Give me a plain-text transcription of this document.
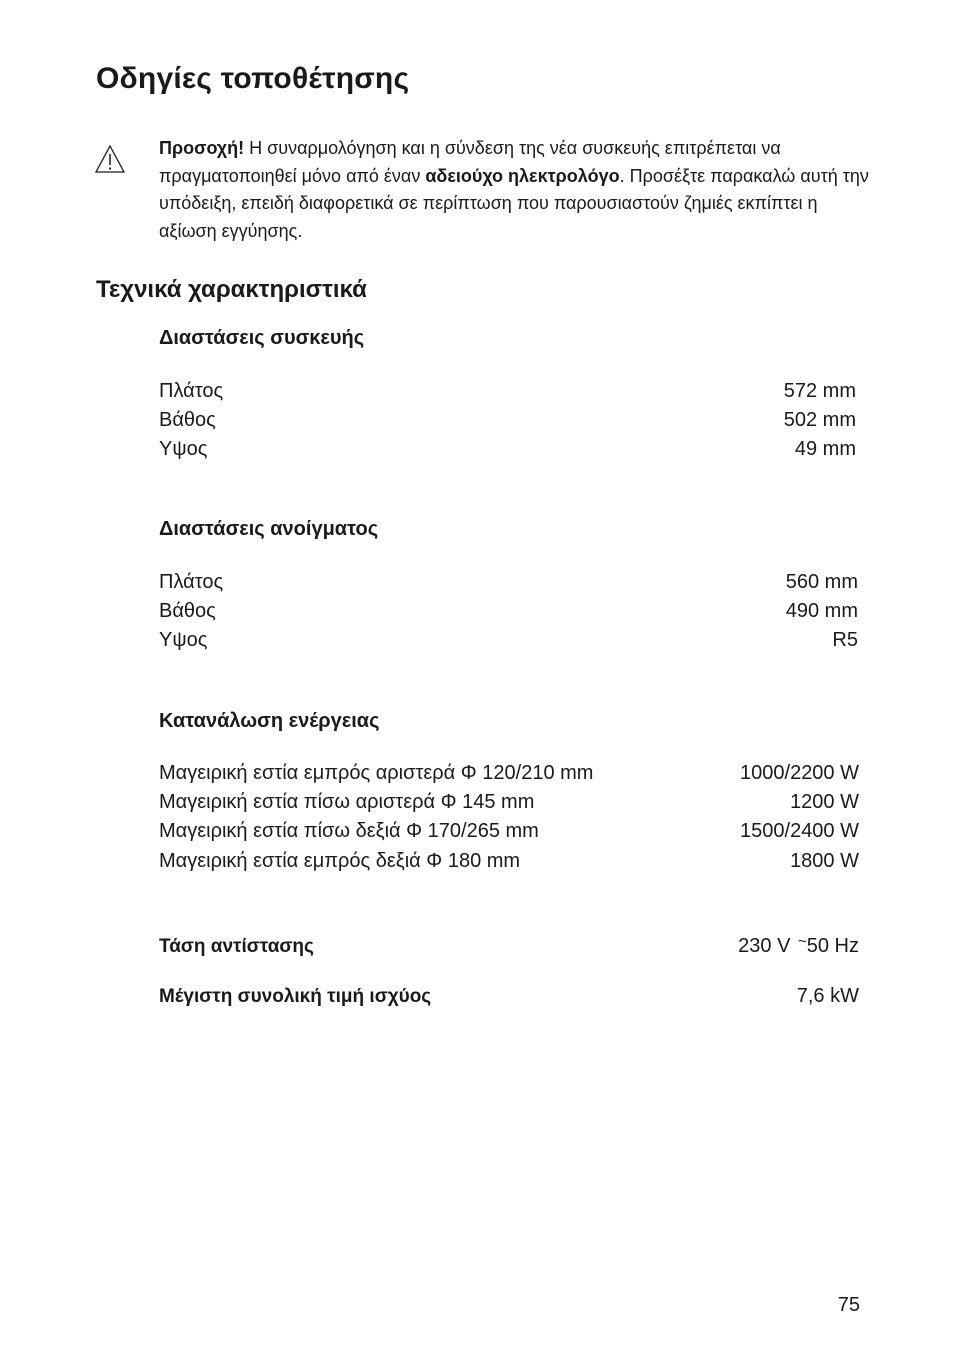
Οδηγίες τοποθέτησης
Προσοχή! Η συναρμολόγηση και η σύνδεση της νέα συσκευής επιτρέπεται να πραγματοποιηθεί μόνο από έναν αδειούχο ηλεκτρολόγο. Προσέξτε παρακαλώ αυτή την υπόδειξη, επειδή διαφορετικά σε περίπτωση που παρουσιαστούν ζημιές εκπίπτει η αξίωση εγγύησης.
Τεχνικά χαρακτηριστικά
Διαστάσεις συσκευής
Πλάτος	572 mm
Βάθος	502 mm
Υψος	49 mm
Διαστάσεις ανοίγματος
Πλάτος	560 mm
Βάθος	490 mm
Υψος	R5
Κατανάλωση ενέργειας
Μαγειρική εστία εμπρός αριστερά Φ 120/210 mm	1000/2200 W
Μαγειρική εστία πίσω αριστερά Φ 145 mm	1200 W
Μαγειρική εστία πίσω δεξιά Φ 170/265 mm	1500/2400 W
Μαγειρική εστία εμπρός δεξιά Φ 180 mm	1800 W
Τάση αντίστασης	230 V ~50 Hz
Μέγιστη συνολική τιμή ισχύος	7,6 kW
75
